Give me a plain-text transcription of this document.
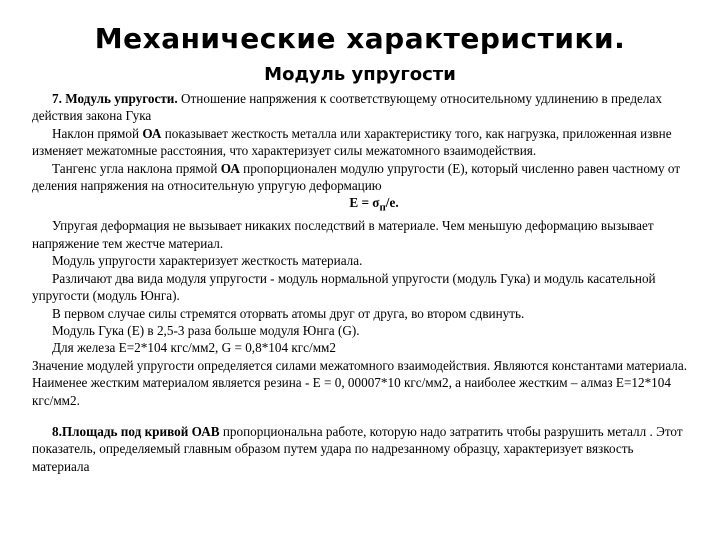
Механические характеристики.
Модуль упругости

7. Модуль упругости. Отношение напряжения к соответствующему относительному удлинению в пределах действия закона Гука

Наклон прямой ОА показывает жесткость металла или характеристику того, как нагрузка, приложенная извне изменяет межатомные расстояния, что характеризует силы межатомного взаимодействия.

Тангенс угла наклона прямой ОА пропорционален модулю упругости (Е), который численно равен частному от деления напряжения на относительную упругую деформацию

$Е = \sigma_п/е$.

Упругая деформация не вызывает никаких последствий в материале. Чем меньшую деформацию вызывает напряжение тем жестче материал.

Модуль упругости характеризует жесткость материала.

Различают два вида модуля упругости - модуль нормальной упругости (модуль Гука) и модуль касательной упругости (модуль Юнга).

В первом случае силы стремятся оторвать атомы друг от друга, во втором сдвинуть.

Модуль Гука (Е) в 2,5-3 раза больше модуля Юнга (G).

Для железа Е=2*104 кгс/мм2, G = 0,8*104 кгс/мм2

Значение модулей упругости определяется силами межатомного взаимодействия. Являются константами материала. Наименее жестким материалом является резина - Е = 0, 00007*10 кгс/мм2, а наиболее жестким – алмаз Е=12*104 кгс/мм2.

8.Площадь под кривой ОАВ пропорциональна работе, которую надо затратить чтобы разрушить металл . Этот показатель, определяемый главным образом путем удара по надрезанному образцу, характеризует вязкость материала
